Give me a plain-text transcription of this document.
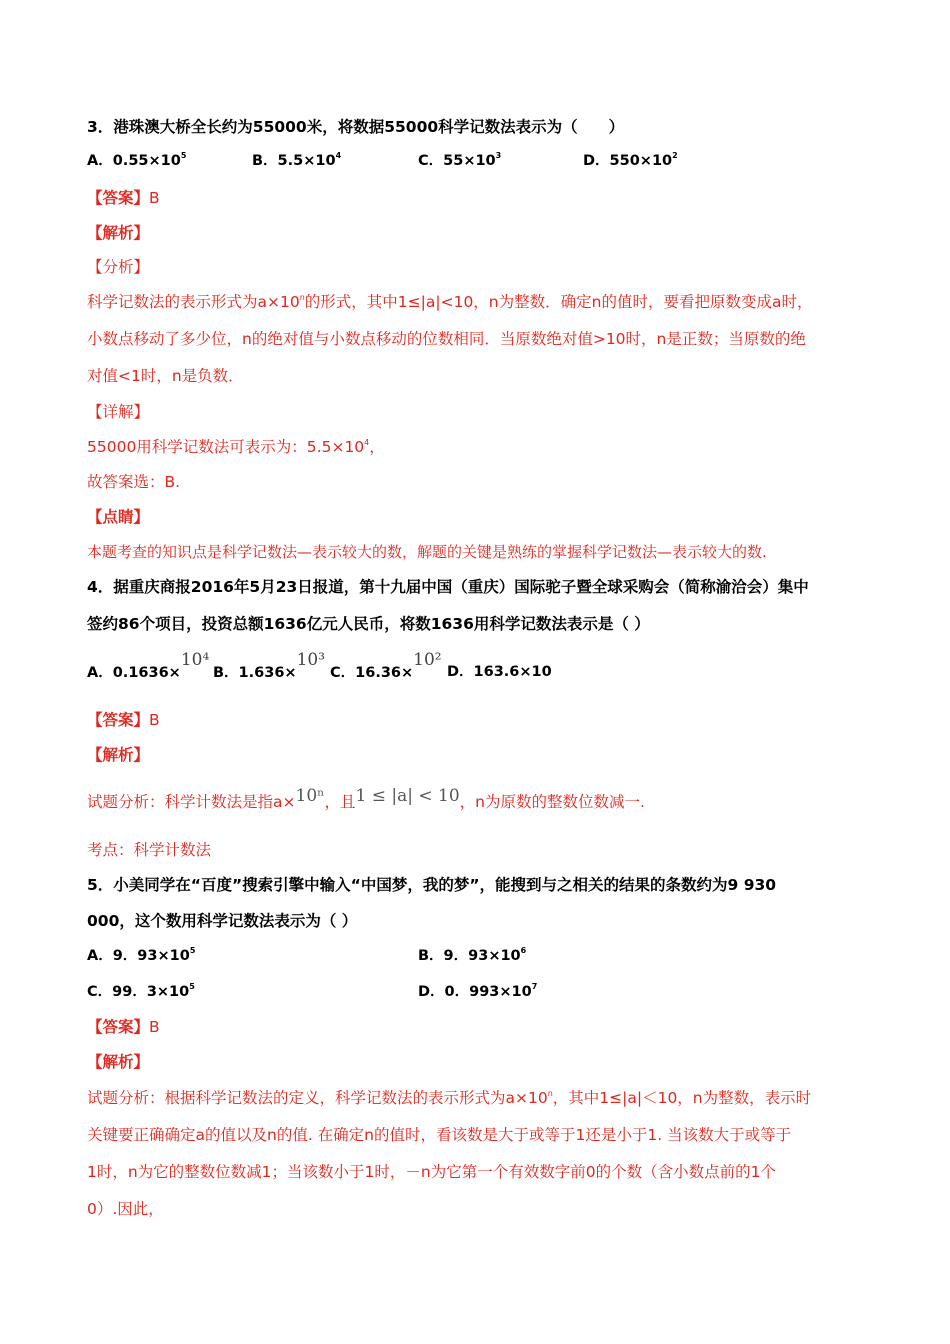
3．港珠澳大桥全长约为55000米，将数据55000科学记数法表示为（　　）
A．$0.55\times 10^5$	B．$5.5\times 10^4$	C．$55\times 10^3$	D．$550\times 10^2$
【答案】B
【解析】
【分析】
科学记数法的表示形式为$a\times 10^n$的形式，其中1≤|a|<10，n为整数．确定n的值时，要看把原数变成a时，
小数点移动了多少位，n的绝对值与小数点移动的位数相同．当原数绝对值>10时，n是正数；当原数的绝
对值<1时，n是负数．
【详解】
55000用科学记数法可表示为：$5.5\times 10^4$，
故答案选：B.
【点睛】
本题考查的知识点是科学记数法—表示较大的数，解题的关键是熟练的掌握科学记数法—表示较大的数.
4．据重庆商报2016年5月23日报道，第十九届中国（重庆）国际驼子暨全球采购会（简称渝洽会）集中
签约86个项目，投资总额1636亿元人民币，将数1636用科学记数法表示是（ ）
A．0.1636×10⁴
B．1.636×10³
C．16.36×10²
D．163.6×10
【答案】B
【解析】
试题分析：科学计数法是指a×10ⁿ，且1 ≤ |a| < 10，n为原数的整数位数减一.
考点：科学计数法
5．小美同学在“百度”搜索引擎中输入“中国梦，我的梦”，能搜到与之相关的结果的条数约为9 930
000，这个数用科学记数法表示为（ ）
A．9．$93\times 10^5$	B．9．$93\times 10^6$
C．99．$3\times 10^5$	D．0．$993\times 10^7$
【答案】B
【解析】
试题分析：根据科学记数法的定义，科学记数法的表示形式为$a\times 10^n$，其中1≤|a|＜10，n为整数，表示时
关键要正确确定a的值以及n的值. 在确定n的值时，看该数是大于或等于1还是小于1. 当该数大于或等于
1时，n为它的整数位数减1；当该数小于1时，－n为它第一个有效数字前0的个数（含小数点前的1个
0）.因此，
